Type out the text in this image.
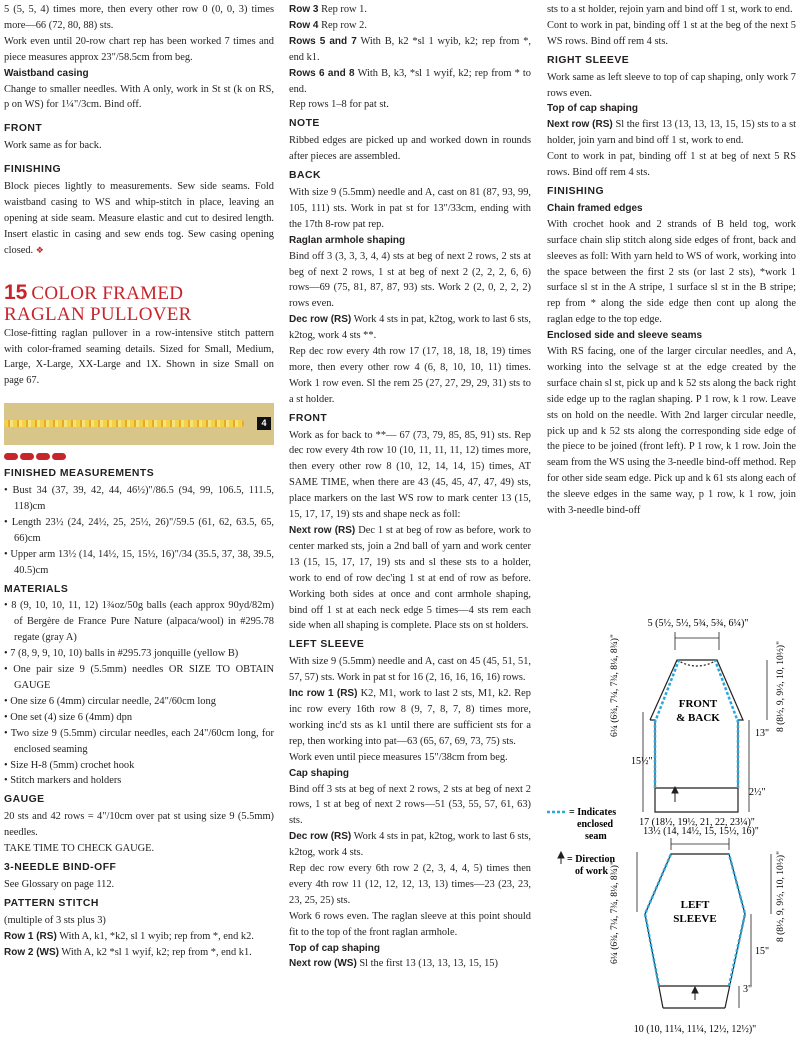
5 (5, 5, 4) times more, then every other row 0 (0, 0, 3) times more—66 (72, 80, 88) sts.

Work even until 20-row chart rep has been worked 7 times and piece measures approx 23"/58.5cm from beg.

Waistband casing

Change to smaller needles. With A only, work in St st (k on RS, p on WS) for 1¼"/3cm. Bind off.

FRONT

Work same as for back.

FINISHING

Block pieces lightly to measurements. Sew side seams. Fold waistband casing to WS and whip-stitch in place, leaving an opening at side seam. Measure elastic and cut to desired length. Insert elastic in casing and sew ends tog. Sew casing opening closed. ❖

15 COLOR FRAMED
RAGLAN PULLOVER

Close-fitting raglan pullover in a row-intensive stitch pattern with color-framed seaming details. Sized for Small, Medium, Large, X-Large, XX-Large and 1X. Shown in size Small on page 67.

4
FINISHED MEASUREMENTS
• Bust 34 (37, 39, 42, 44, 46½)"/86.5 (94, 99, 106.5, 111.5, 118)cm
• Length 23½ (24, 24½, 25, 25½, 26)"/59.5 (61, 62, 63.5, 65, 66)cm
• Upper arm 13½ (14, 14½, 15, 15½, 16)"/34 (35.5, 37, 38, 39.5, 40.5)cm
MATERIALS
• 8 (9, 10, 10, 11, 12) 1¾oz/50g balls (each approx 90yd/82m) of Bergère de France Pure Nature (alpaca/wool) in #295.78 regate (gray A)
• 7 (8, 9, 9, 10, 10) balls in #295.73 jonquille (yellow B)
• One pair size 9 (5.5mm) needles OR SIZE TO OBTAIN GAUGE
• One size 6 (4mm) circular needle, 24"/60cm long
• One set (4) size 6 (4mm) dpn
• Two size 9 (5.5mm) circular needles, each 24"/60cm long, for enclosed seaming
• Size H-8 (5mm) crochet hook
• Stitch markers and holders
GAUGE

20 sts and 42 rows = 4"/10cm over pat st using size 9 (5.5mm) needles.

TAKE TIME TO CHECK GAUGE.

3-NEEDLE BIND-OFF

See Glossary on page 112.

PATTERN STITCH

(multiple of 3 sts plus 3)

Row 1 (RS) With A, k1, *k2, sl 1 wyib; rep from *, end k2.

Row 2 (WS) With A, k2 *sl 1 wyif, k2; rep from *, end k1.

Row 3 Rep row 1.

Row 4 Rep row 2.

Rows 5 and 7 With B, k2 *sl 1 wyib, k2; rep from *, end k1.

Rows 6 and 8 With B, k3, *sl 1 wyif, k2; rep from * to end.

Rep rows 1–8 for pat st.

NOTE

Ribbed edges are picked up and worked down in rounds after pieces are assembled.

BACK

With size 9 (5.5mm) needle and A, cast on 81 (87, 93, 99, 105, 111) sts. Work in pat st for 13"/33cm, ending with the 17th 8-row pat rep.

Raglan armhole shaping

Bind off 3 (3, 3, 3, 4, 4) sts at beg of next 2 rows, 2 sts at beg of next 2 rows, 1 st at beg of next 2 (2, 2, 2, 6, 6) rows—69 (75, 81, 87, 87, 93) sts. Work 2 (2, 0, 2, 2, 2) rows even.

Dec row (RS) Work 4 sts in pat, k2tog, work to last 6 sts, k2tog, work 4 sts **.

Rep dec row every 4th row 17 (17, 18, 18, 18, 19) times more, then every other row 4 (6, 8, 10, 10, 11) times. Work 1 row even. Sl the rem 25 (27, 27, 29, 29, 31) sts to a st holder.

FRONT

Work as for back to **— 67 (73, 79, 85, 85, 91) sts. Rep dec row every 4th row 10 (10, 11, 11, 11, 12) times more, then every other row 8 (10, 12, 14, 14, 15) times, AT SAME TIME, when there are 43 (45, 45, 47, 47, 49) sts, place markers on the last WS row to mark center 13 (15, 15, 17, 17, 19) sts and shape neck as foll:

Next row (RS) Dec 1 st at beg of row as before, work to center marked sts, join a 2nd ball of yarn and work center 13 (15, 15, 17, 17, 19) sts and sl these sts to a holder, work to end of row dec'ing 1 st at end of row as before. Working both sides at once and cont armhole shaping, bind off 1 st at each neck edge 5 times—4 sts rem each side when all shaping is complete. Place sts on st holders.

LEFT SLEEVE

With size 9 (5.5mm) needle and A, cast on 45 (45, 51, 51, 57, 57) sts. Work in pat st for 16 (2, 16, 16, 16, 16) rows.

Inc row 1 (RS) K2, M1, work to last 2 sts, M1, k2. Rep inc row every 16th row 8 (9, 7, 8, 7, 8) times more, working inc'd sts as k1 until there are sufficient sts for a rep, then working into pat—63 (65, 67, 69, 73, 75) sts.

Work even until piece measures 15"/38cm from beg.

Cap shaping

Bind off 3 sts at beg of next 2 rows, 2 sts at beg of next 2 rows, 1 st at beg of next 2 rows—51 (53, 55, 57, 61, 63) sts.

Dec row (RS) Work 4 sts in pat, k2tog, work to last 6 sts, k2tog, work 4 sts.

Rep dec row every 6th row 2 (2, 3, 4, 4, 5) times then every 4th row 11 (12, 12, 12, 13, 13) times—23 (23, 23, 23, 25, 25) sts.

Work 6 rows even. The raglan sleeve at this point should fit to the top of the front raglan armhole.

Top of cap shaping

Next row (WS) Sl the first 13 (13, 13, 13, 15, 15)

sts to a st holder, rejoin yarn and bind off 1 st, work to end.

Cont to work in pat, binding off 1 st at the beg of the next 5 WS rows. Bind off rem 4 sts.

RIGHT SLEEVE

Work same as left sleeve to top of cap shaping, only work 7 rows even.

Top of cap shaping

Next row (RS) Sl the first 13 (13, 13, 13, 15, 15) sts to a st holder, join yarn and bind off 1 st, work to end.

Cont to work in pat, binding off 1 st at beg of next 5 RS rows. Bind off rem 4 sts.

FINISHING
Chain framed edges

With crochet hook and 2 strands of B held tog, work surface chain slip stitch along side edges of front, back and sleeves as foll: With yarn held to WS of work, working into the space between the first 2 sts (or last 2 sts), *work 1 surface sl st in the A stripe, 1 surface sl st in the B stripe; rep from * along the side edge then cont up along the raglan edge to the top edge.

Enclosed side and sleeve seams

With RS facing, one of the larger circular needles, and A, working into the selvage st at the edge created by the surface chain sl st, pick up and k 52 sts along the back right side edge up to the raglan shaping. P 1 row, k 1 row. Leave sts on hold on the needle. With 2nd larger circular needle, pick up and k 52 sts along the corresponding side edge of the piece to be joined (front left). P 1 row, k 1 row. Join the seam from the WS using the 3-needle bind-off method. Rep for other side seam edge. Pick up and k 61 sts along each of the sleeve edges in the same way, p 1 row, k 1 row, join with 3-needle bind-off

FRONT
& BACK
5 (5½, 5½, 5¾, 5¾, 6¼)"
6¼ (6¾, 7¼, 7¾, 8¼, 8¾)"	8 (8½, 9, 9½, 10, 10½)"
13"
15½"
2½"
17 (18½, 19½, 21, 22, 23¼)"
= Indicates
enclosed
seam
= Direction
of work
13½ (14, 14½, 15, 15½, 16)"
LEFT
SLEEVE
6¼ (6¾, 7¼, 7¾, 8¼, 8¾)"	8 (8½, 9, 9½, 10, 10½)"
15"
3"
10 (10, 11¼, 11¼, 12½, 12½)"
